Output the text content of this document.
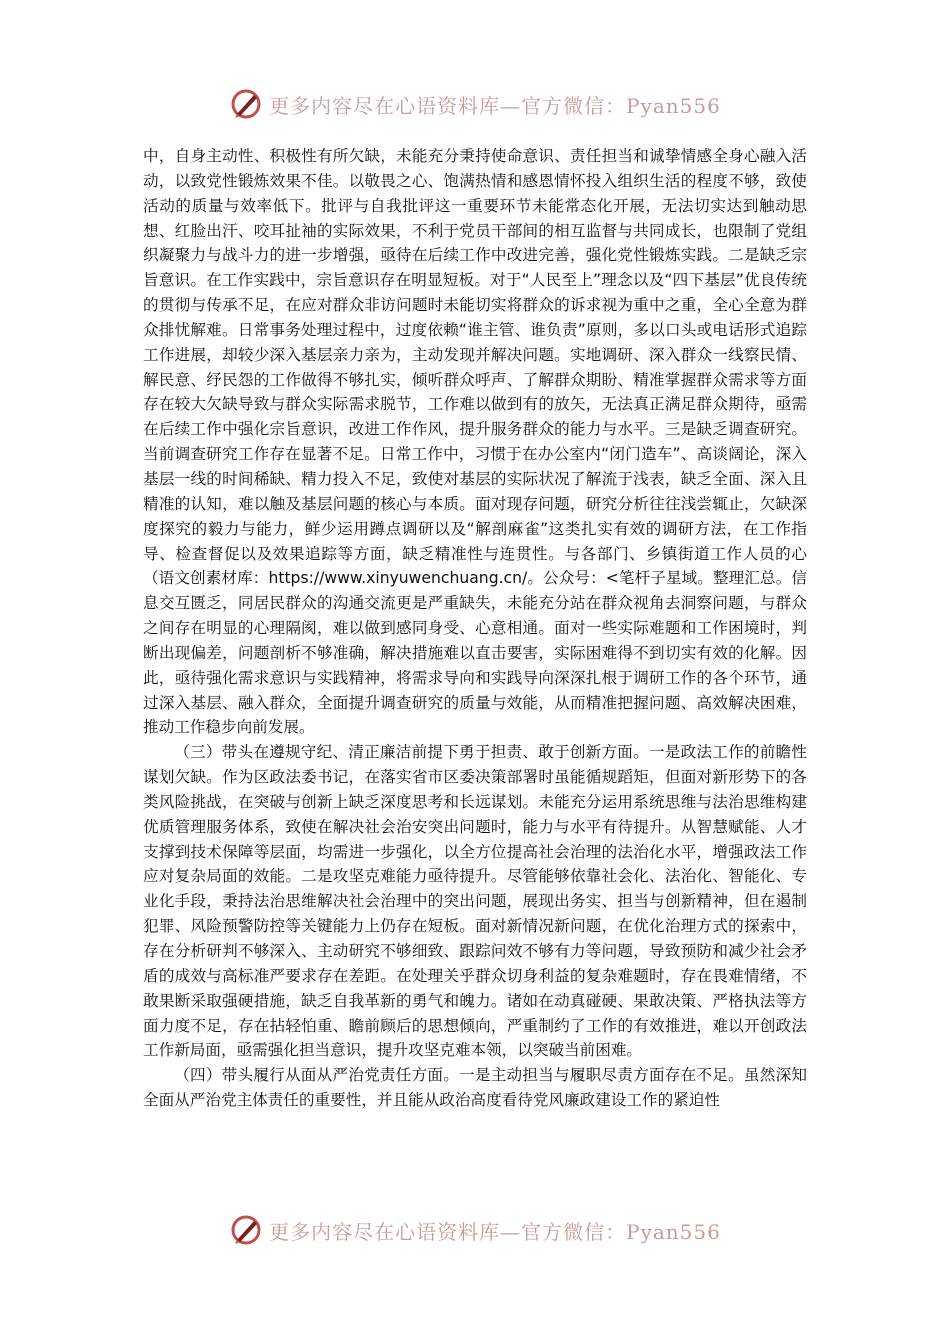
更多内容尽在心语资料库—官方微信：Pyan556

中，自身主动性、积极性有所欠缺，未能充分秉持使命意识、责任担当和诚挚情感全身心融入活动，以致党性锻炼效果不佳。以敬畏之心、饱满热情和感恩情怀投入组织生活的程度不够，致使活动的质量与效率低下。批评与自我批评这一重要环节未能常态化开展，无法切实达到触动思想、红脸出汗、咬耳扯袖的实际效果，不利于党员干部间的相互监督与共同成长，也限制了党组织凝聚力与战斗力的进一步增强，亟待在后续工作中改进完善，强化党性锻炼实践。二是缺乏宗旨意识。在工作实践中，宗旨意识存在明显短板。对于“人民至上”理念以及“四下基层”优良传统的贯彻与传承不足，在应对群众非访问题时未能切实将群众的诉求视为重中之重，全心全意为群众排忧解难。日常事务处理过程中，过度依赖“谁主管、谁负责”原则，多以口头或电话形式追踪工作进展，却较少深入基层亲力亲为，主动发现并解决问题。实地调研、深入群众一线察民情、解民意、纾民怨的工作做得不够扎实，倾听群众呼声、了解群众期盼、精准掌握群众需求等方面存在较大欠缺导致与群众实际需求脱节，工作难以做到有的放矢，无法真正满足群众期待，亟需在后续工作中强化宗旨意识，改进工作作风，提升服务群众的能力与水平。三是缺乏调查研究。当前调查研究工作存在显著不足。日常工作中，习惯于在办公室内“闭门造车”、高谈阔论，深入基层一线的时间稀缺、精力投入不足，致使对基层的实际状况了解流于浅表，缺乏全面、深入且精准的认知，难以触及基层问题的核心与本质。面对现存问题，研究分析往往浅尝辄止，欠缺深度探究的毅力与能力，鲜少运用蹲点调研以及“解剖麻雀”这类扎实有效的调研方法，在工作指导、检查督促以及效果追踪等方面，缺乏精准性与连贯性。与各部门、乡镇街道工作人员的心（语文创素材库：https://www.xinyuwenchuang.cn/。公众号：<笔杆子星域。整理汇总。信息交互匮乏，同居民群众的沟通交流更是严重缺失，未能充分站在群众视角去洞察问题，与群众之间存在明显的心理隔阂，难以做到感同身受、心意相通。面对一些实际难题和工作困境时，判断出现偏差，问题剖析不够准确，解决措施难以直击要害，实际困难得不到切实有效的化解。因此，亟待强化需求意识与实践精神，将需求导向和实践导向深深扎根于调研工作的各个环节，通过深入基层、融入群众，全面提升调查研究的质量与效能，从而精准把握问题、高效解决困难，推动工作稳步向前发展。

（三）带头在遵规守纪、清正廉洁前提下勇于担责、敢于创新方面。一是政法工作的前瞻性谋划欠缺。作为区政法委书记，在落实省市区委决策部署时虽能循规蹈矩，但面对新形势下的各类风险挑战，在突破与创新上缺乏深度思考和长远谋划。未能充分运用系统思维与法治思维构建优质管理服务体系，致使在解决社会治安突出问题时，能力与水平有待提升。从智慧赋能、人才支撑到技术保障等层面，均需进一步强化，以全方位提高社会治理的法治化水平，增强政法工作应对复杂局面的效能。二是攻坚克难能力亟待提升。尽管能够依靠社会化、法治化、智能化、专业化手段，秉持法治思维解决社会治理中的突出问题，展现出务实、担当与创新精神，但在遏制犯罪、风险预警防控等关键能力上仍存在短板。面对新情况新问题，在优化治理方式的探索中，存在分析研判不够深入、主动研究不够细致、跟踪问效不够有力等问题，导致预防和减少社会矛盾的成效与高标准严要求存在差距。在处理关乎群众切身利益的复杂难题时，存在畏难情绪，不敢果断采取强硬措施，缺乏自我革新的勇气和魄力。诸如在动真碰硬、果敢决策、严格执法等方面力度不足，存在拈轻怕重、瞻前顾后的思想倾向，严重制约了工作的有效推进，难以开创政法工作新局面，亟需强化担当意识，提升攻坚克难本领，以突破当前困难。

（四）带头履行从面从严治党责任方面。一是主动担当与履职尽责方面存在不足。虽然深知全面从严治党主体责任的重要性，并且能从政治高度看待党风廉政建设工作的紧迫性

更多内容尽在心语资料库—官方微信：Pyan556
